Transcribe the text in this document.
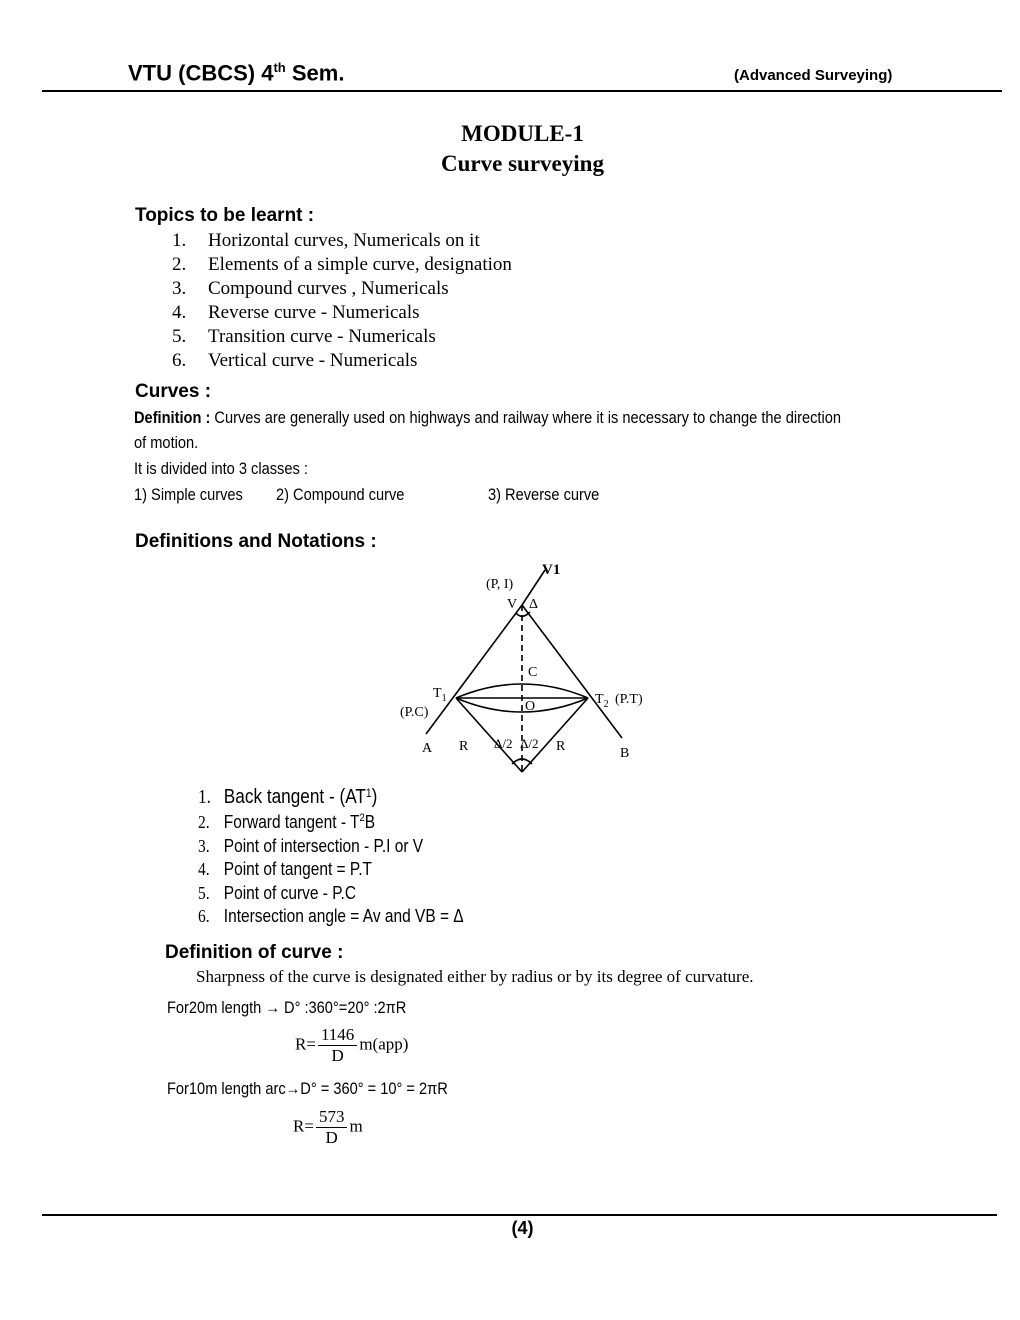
VTU (CBCS) 4th Sem.	(Advanced Surveying)
MODULE-1
Curve surveying
Topics to be learnt :
1.	Horizontal curves, Numericals on it
2.	Elements of a simple curve, designation
3.	Compound curves , Numericals
4.	Reverse curve - Numericals
5.	Transition curve - Numericals
6.	Vertical curve - Numericals
Curves :
Definition : Curves are generally used on highways and railway where it is necessary to change the direction
of motion.
It is divided into 3 classes :
1) Simple curves 2) Compound curve	3) Reverse curve
Definitions and Notations :
V1
(P, I)
V Δ
C
$T_1$
(P.C)	O	$T_2$ (P.T)
A R Δ/2 Δ/2 R	B
1. Back tangent - (AT 1 )
2. Forward tangent - T 2 B
3. Point of intersection - P.I or V
4. Point of tangent = P.T
5. Point of curve - P.C
6. Intersection angle = Av and VB = Δ
Definition of curve :
Sharpness of the curve is designated either by radius or by its degree of curvature.
For20m length → D° :360°=20° :2πR
$R= \frac{1146}{D} m(app)$
For10m length arc→D° = 360° = 10° = 2πR
$R= \frac{573}{D}$ m
(4)
